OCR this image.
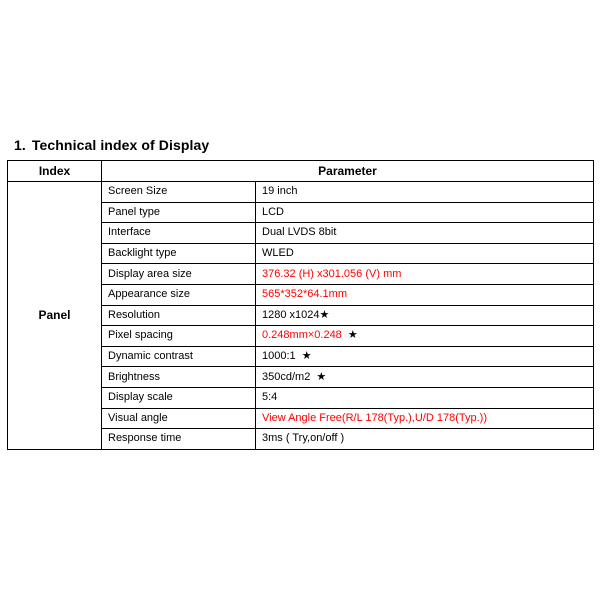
1. Technical index of Display
Index	Parameter	
Panel	Screen Size	19 inch
	Panel type	LCD
	Interface	Dual LVDS 8bit
	Backlight type	WLED
	Display area size	376.32 (H) x301.056 (V) mm
	Appearance size	565*352*64.1mm
	Resolution	1280 x1024★
	Pixel spacing	0.248mm×0.248  ★
	Dynamic contrast	1000:1  ★
	Brightness	350cd/m2  ★
	Display scale	5:4
	Visual angle	View Angle Free(R/L 178(Typ.),U/D 178(Typ.))
	Response time	3ms ( Try,on/off )
